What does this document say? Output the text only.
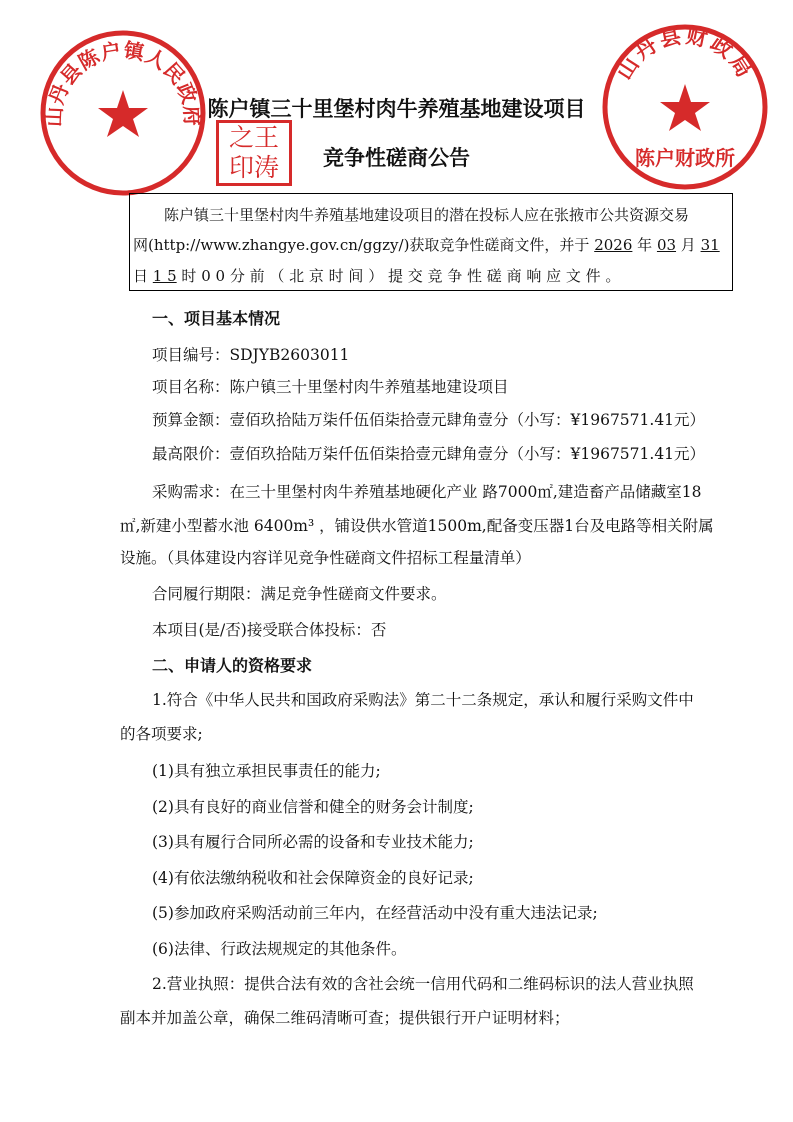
山丹县陈户镇人民政府
山丹县财政局
陈户财政所
之王
印涛
陈户镇三十里堡村肉牛养殖基地建设项目
竞争性磋商公告
陈户镇三十里堡村肉牛养殖基地建设项目的潜在投标人应在张掖市公共资源交易
网(http://www.zhangye.gov.cn/ggzy/)获取竞争性磋商文件，并于 2026 年 03 月 31
日 1 5 时 0 0 分 前 （ 北 京 时 间 ） 提 交 竞 争 性 磋 商 响 应 文 件 。
一、项目基本情况
项目编号：SDJYB2603011
项目名称：陈户镇三十里堡村肉牛养殖基地建设项目
预算金额：壹佰玖拾陆万柒仟伍佰柒拾壹元肆角壹分（小写：¥1967571.41元）
最高限价：壹佰玖拾陆万柒仟伍佰柒拾壹元肆角壹分（小写：¥1967571.41元）
采购需求：在三十里堡村肉牛养殖基地硬化产业 路7000㎡,建造畜产品储藏室18
㎡,新建小型蓄水池 6400m³ ，铺设供水管道1500m,配备变压器1台及电路等相关附属
设施。（具体建设内容详见竞争性磋商文件招标工程量清单）
合同履行期限：满足竞争性磋商文件要求。
本项目(是/否)接受联合体投标：否
二、申请人的资格要求
1.符合《中华人民共和国政府采购法》第二十二条规定，承认和履行采购文件中
的各项要求;
(1)具有独立承担民事责任的能力;
(2)具有良好的商业信誉和健全的财务会计制度;
(3)具有履行合同所必需的设备和专业技术能力;
(4)有依法缴纳税收和社会保障资金的良好记录;
(5)参加政府采购活动前三年内，在经营活动中没有重大违法记录;
(6)法律、行政法规规定的其他条件。
2.营业执照：提供合法有效的含社会统一信用代码和二维码标识的法人营业执照
副本并加盖公章，确保二维码清晰可查；提供银行开户证明材料；
